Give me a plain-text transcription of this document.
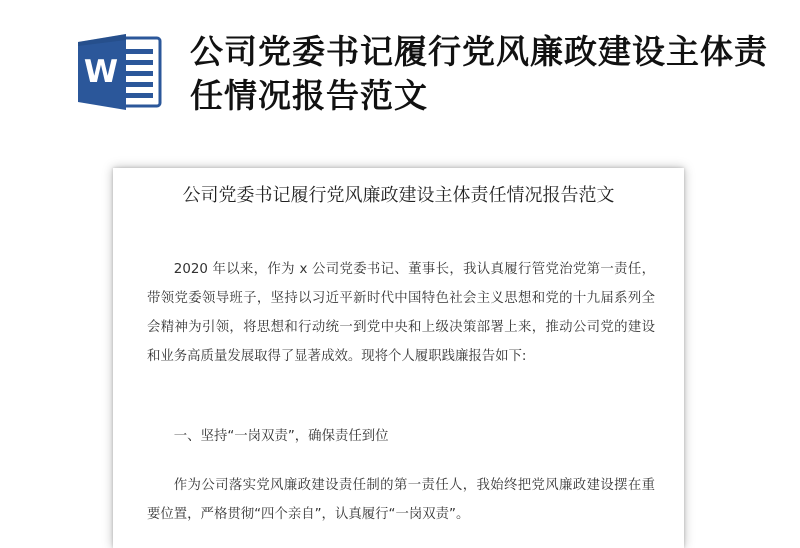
W
公司党委书记履行党风廉政建设主体责任情况报告范文
公司党委书记履行党风廉政建设主体责任情况报告范文

2020 年以来，作为 x 公司党委书记、董事长，我认真履行管党治党第一责任，带领党委领导班子，坚持以习近平新时代中国特色社会主义思想和党的十九届系列全会精神为引领，将思想和行动统一到党中央和上级决策部署上来，推动公司党的建设和业务高质量发展取得了显著成效。现将个人履职践廉报告如下:

一、坚持“一岗双责”，确保责任到位

作为公司落实党风廉政建设责任制的第一责任人，我始终把党风廉政建设摆在重要位置，严格贯彻“四个亲自”，认真履行“一岗双责”。
